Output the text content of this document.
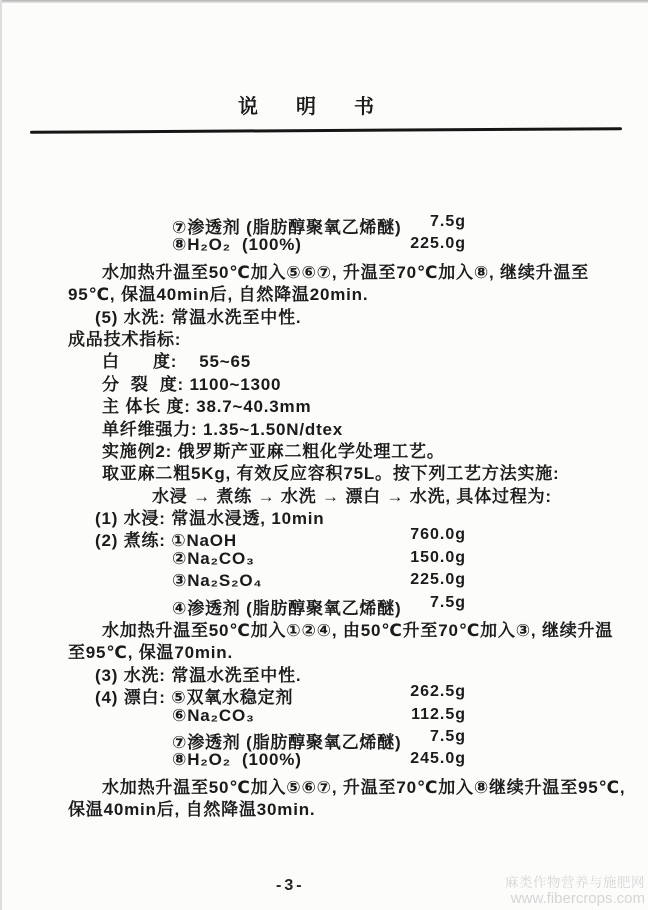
说明书
⑦渗透剂 (脂肪醇聚氧乙烯醚)	7.5g
⑧H₂O₂  (100%)	225.0g
水加热升温至50℃加入⑤⑥⑦, 升温至70℃加入⑧, 继续升温至
95℃, 保温40min后, 自然降温20min.
(5) 水洗: 常温水洗至中性.
成品技术指标:
白      度:    55~65
分  裂  度: 1100~1300
主 体长 度: 38.7~40.3mm
单纤维强力: 1.35~1.50N/dtex
实施例2: 俄罗斯产亚麻二粗化学处理工艺。
取亚麻二粗5Kg, 有效反应容积75L。按下列工艺方法实施:
水浸 → 煮练 → 水洗 → 漂白 → 水洗, 具体过程为:
(1) 水浸: 常温水浸透, 10min
(2) 煮练: ①NaOH	760.0g
②Na₂CO₃	150.0g
③Na₂S₂O₄	225.0g
④渗透剂 (脂肪醇聚氧乙烯醚)	7.5g
水加热升温至50℃加入①②④, 由50℃升至70℃加入③, 继续升温
至95℃, 保温70min.
(3) 水洗: 常温水洗至中性.
(4) 漂白: ⑤双氧水稳定剂	262.5g
⑥Na₂CO₃	112.5g
⑦渗透剂 (脂肪醇聚氧乙烯醚)	7.5g
⑧H₂O₂  (100%)	245.0g
水加热升温至50℃加入⑤⑥⑦, 升温至70℃加入⑧继续升温至95℃,
保温40min后, 自然降温30min.
-3-	麻类作物营养与施肥网
www.fibercrops.com
